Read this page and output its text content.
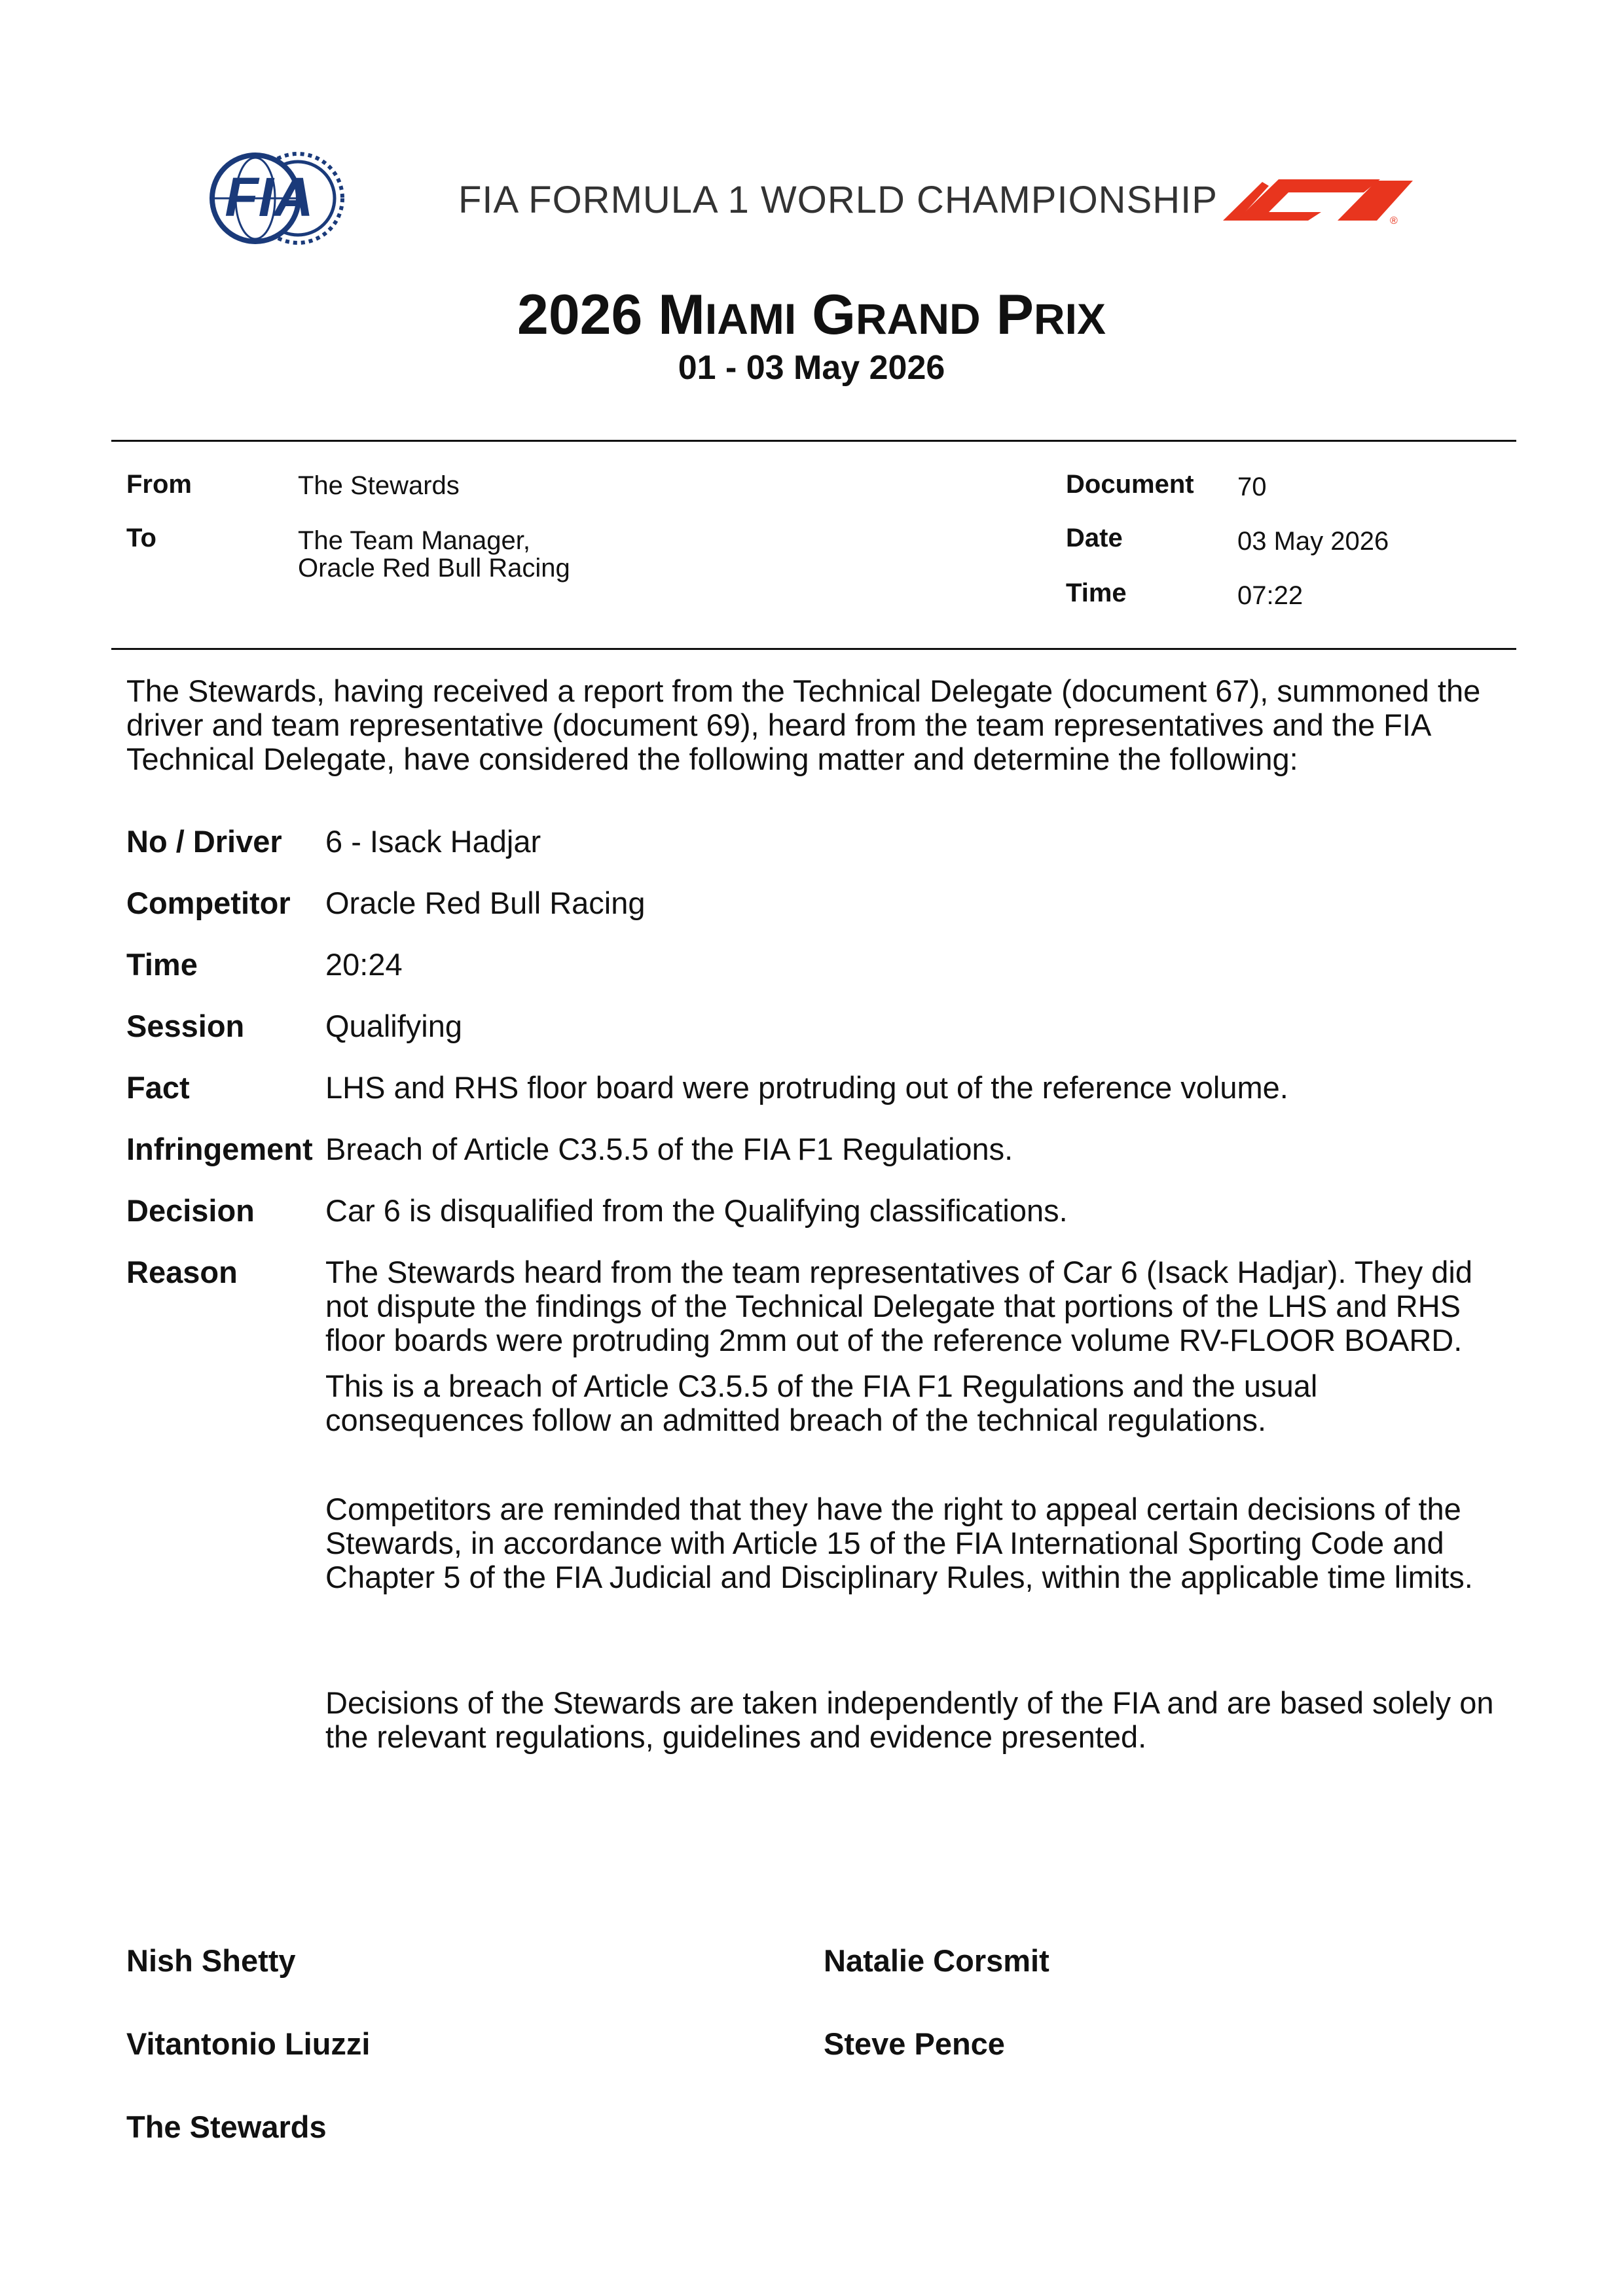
FIA	FIA FORMULA 1 WORLD CHAMPIONSHIP	®
2026 MIAMI GRAND PRIX
01 - 03 May 2026
From	The Stewards
To	The Team Manager,
Oracle Red Bull Racing
Document 70
Date	03 May 2026
Time	07:22
The Stewards, having received a report from the Technical Delegate (document 67), summoned the driver and team representative (document 69), heard from the team representatives and the FIA Technical Delegate, have considered the following matter and determine the following:
No / Driver 6 - Isack Hadjar
Competitor Oracle Red Bull Racing
Time	20:24
Session	Qualifying
Fact	LHS and RHS floor board were protruding out of the reference volume.
Infringement Breach of Article C3.5.5 of the FIA F1 Regulations.
Decision Car 6 is disqualified from the Qualifying classifications.
Reason	The Stewards heard from the team representatives of Car 6 (Isack Hadjar). They did not dispute the findings of the Technical Delegate that portions of the LHS and RHS floor boards were protruding 2mm out of the reference volume RV-FLOOR BOARD.
This is a breach of Article C3.5.5 of the FIA F1 Regulations and the usual consequences follow an admitted breach of the technical regulations.
Competitors are reminded that they have the right to appeal certain decisions of the Stewards, in accordance with Article 15 of the FIA International Sporting Code and Chapter 5 of the FIA Judicial and Disciplinary Rules, within the applicable time limits.
Decisions of the Stewards are taken independently of the FIA and are based solely on the relevant regulations, guidelines and evidence presented.
Nish Shetty	Natalie Corsmit
Vitantonio Liuzzi	Steve Pence
The Stewards
